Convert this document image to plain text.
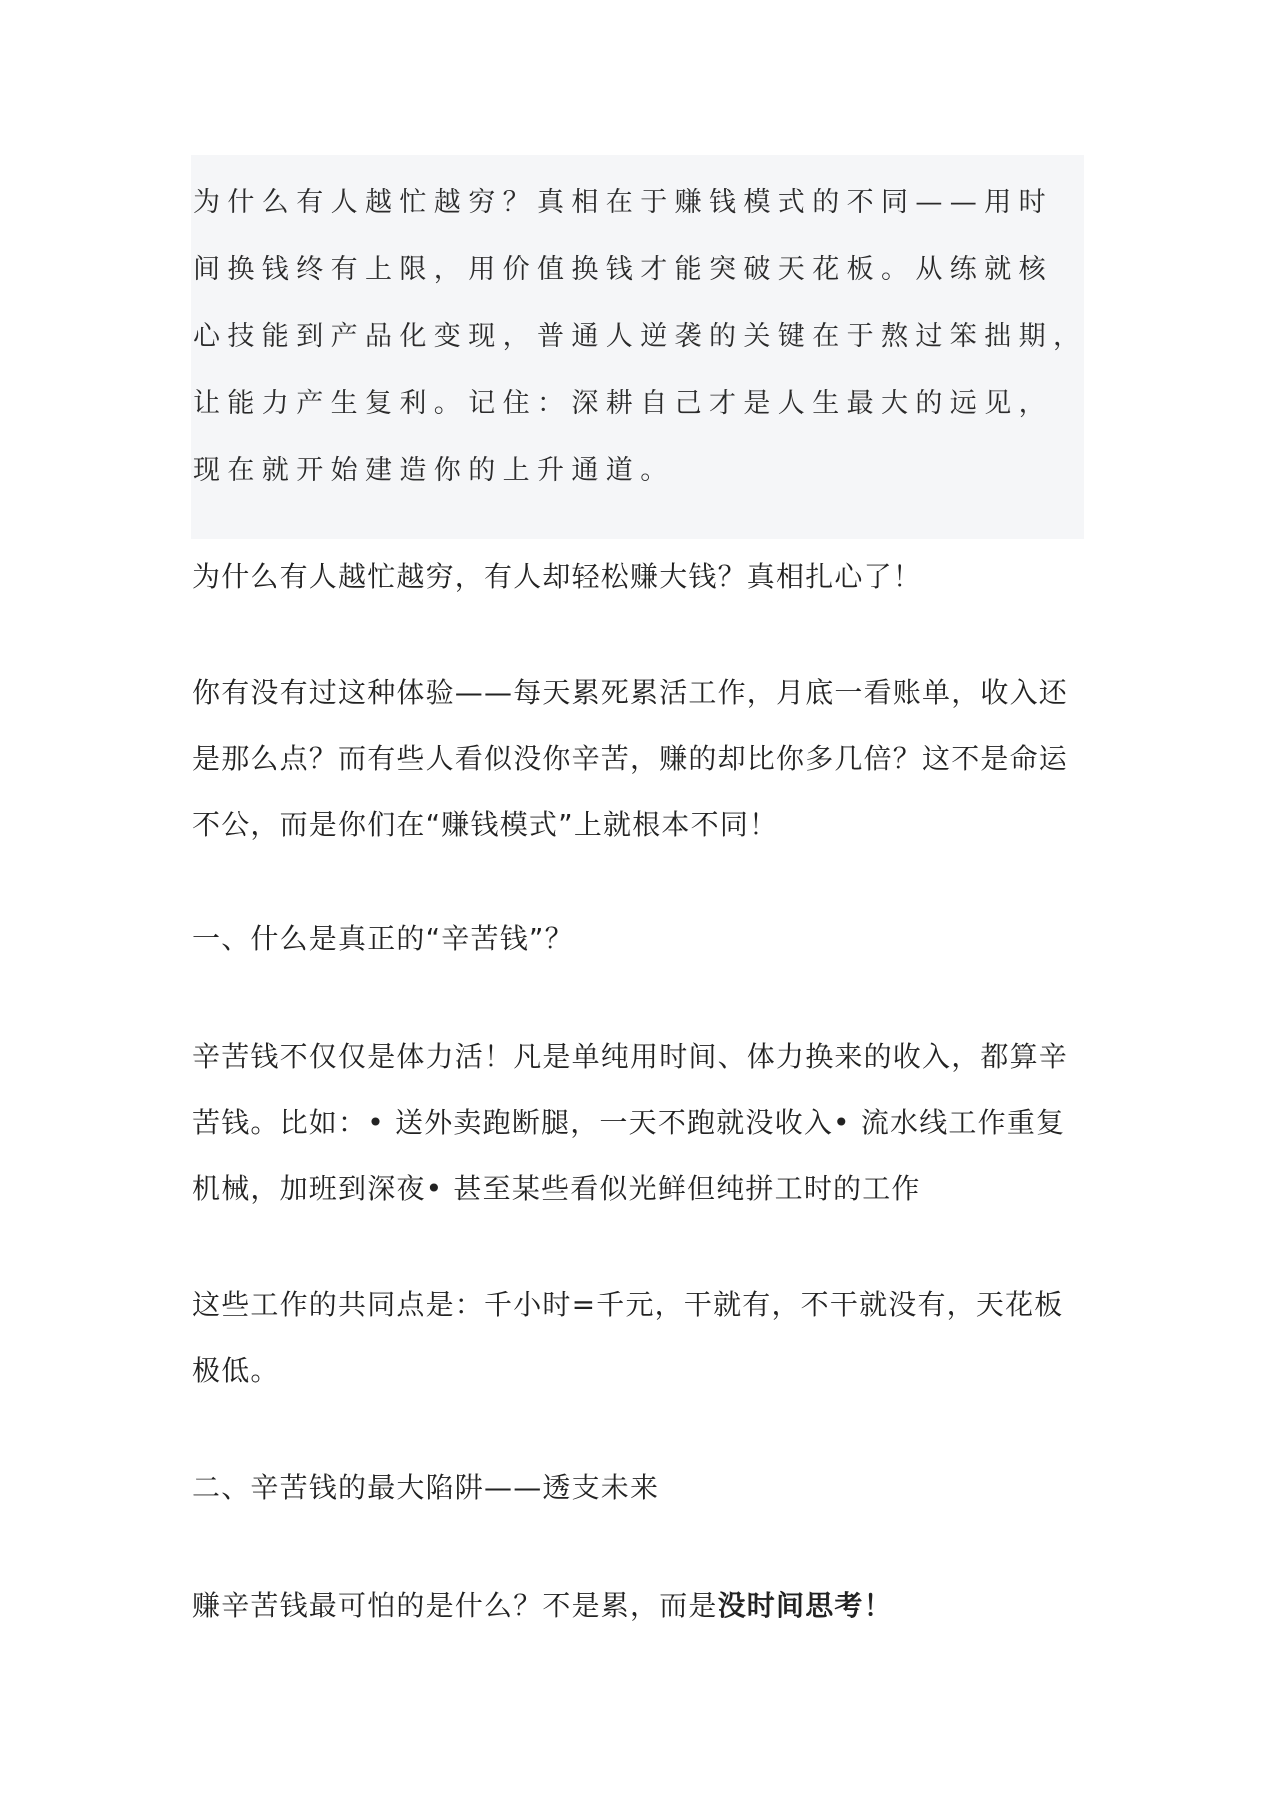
为什么有人越忙越穷？真相在于赚钱模式的不同——用时
间换钱终有上限，用价值换钱才能突破天花板。从练就核
心技能到产品化变现，普通人逆袭的关键在于熬过笨拙期，
让能力产生复利。记住：深耕自己才是人生最大的远见，
现在就开始建造你的上升通道。
为什么有人越忙越穷，有人却轻松赚大钱？真相扎心了！
你有没有过这种体验——每天累死累活工作，月底一看账单，收入还
是那么点？而有些人看似没你辛苦，赚的却比你多几倍？这不是命运
不公，而是你们在“赚钱模式”上就根本不同！
一、什么是真正的“辛苦钱”？
辛苦钱不仅仅是体力活！凡是单纯用时间、体力换来的收入，都算辛
苦钱。比如：• 送外卖跑断腿，一天不跑就没收入• 流水线工作重复
机械，加班到深夜• 甚至某些看似光鲜但纯拼工时的工作
这些工作的共同点是：千小时=千元，干就有，不干就没有，天花板
极低。
二、辛苦钱的最大陷阱——透支未来
赚辛苦钱最可怕的是什么？不是累，而是没时间思考！
